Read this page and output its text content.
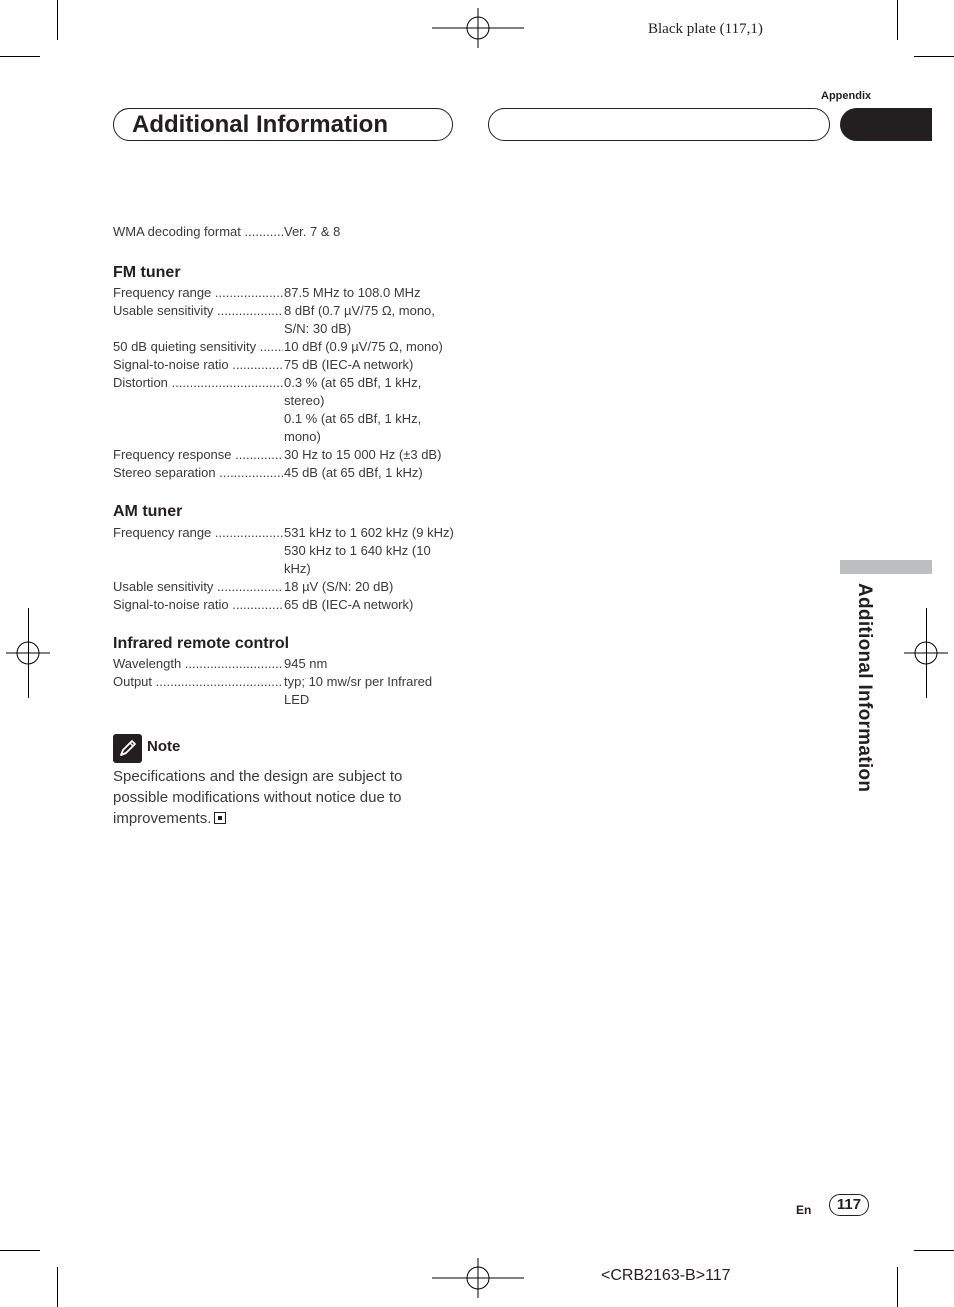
Black plate (117,1)
Appendix
Additional Information
Additional Information
WMA decoding format .....	Ver. 7 & 8
FM tuner
Frequency range .....	87.5 MHz to 108.0 MHz
Usable sensitivity .....	8 dBf (0.7 µV/75 Ω, mono, S/N: 30 dB)
50 dB quieting sensitivity .....	10 dBf (0.9 µV/75 Ω, mono)
Signal-to-noise ratio .....	75 dB (IEC-A network)
Distortion .....	0.3 % (at 65 dBf, 1 kHz, stereo)
0.1 % (at 65 dBf, 1 kHz, mono)
Frequency response .....	30 Hz to 15 000 Hz (±3 dB)
Stereo separation .....	45 dB (at 65 dBf, 1 kHz)
AM tuner
Frequency range .....	531 kHz to 1 602 kHz (9 kHz)
530 kHz to 1 640 kHz (10 kHz)
Usable sensitivity .....	18 µV (S/N: 20 dB)
Signal-to-noise ratio .....	65 dB (IEC-A network)
Infrared remote control
Wavelength .....	945 nm
Output .....	typ; 10 mw/sr per Infrared LED
Note
Specifications and the design are subject to possible modifications without notice due to improvements.
En	117
<CRB2163-B>117
